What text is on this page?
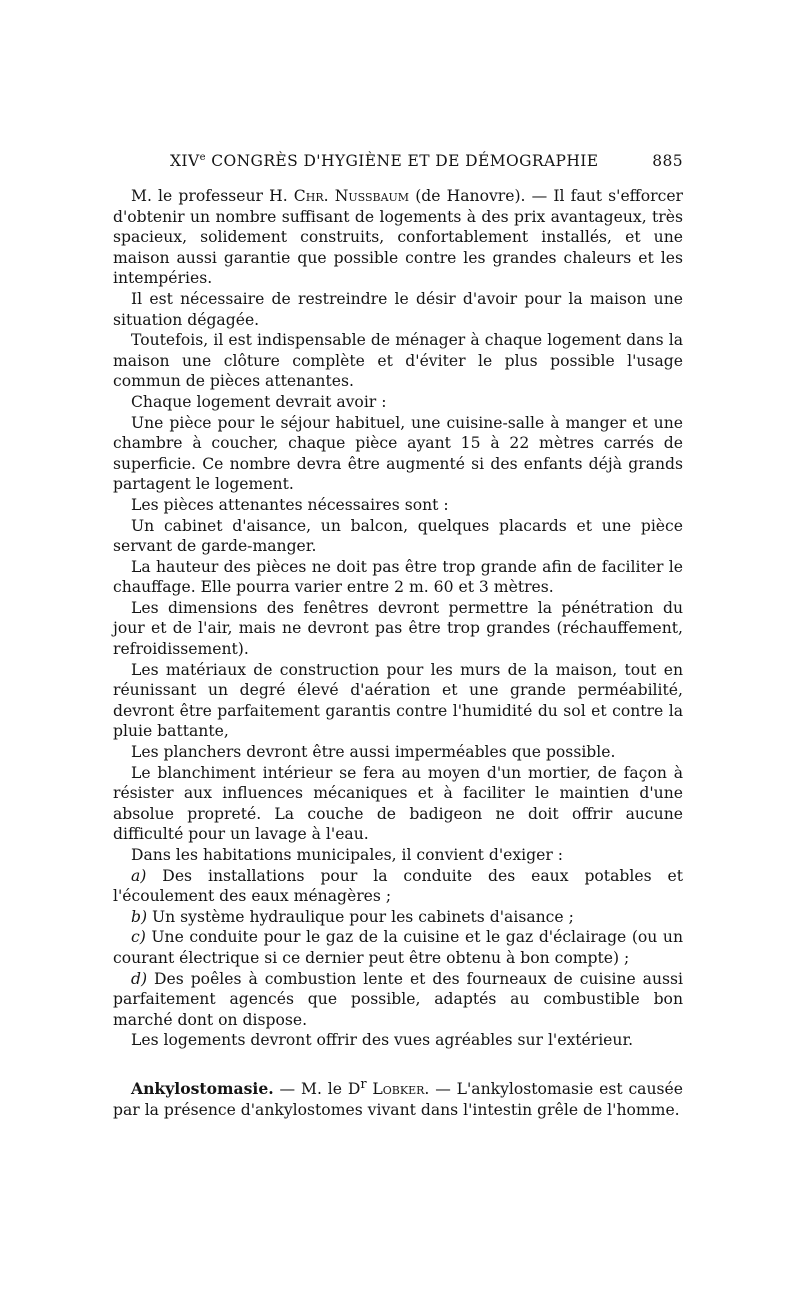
XIVe CONGRÈS D'HYGIÈNE ET DE DÉMOGRAPHIE	885

M. le professeur H. Chr. Nussbaum (de Hanovre). — Il faut s'efforcer d'obtenir un nombre suffisant de logements à des prix avantageux, très spacieux, solidement construits, confortablement installés, et une maison aussi garantie que possible contre les grandes chaleurs et les intempéries.

Il est nécessaire de restreindre le désir d'avoir pour la maison une situation dégagée.

Toutefois, il est indispensable de ménager à chaque logement dans la maison une clôture complète et d'éviter le plus possible l'usage commun de pièces attenantes.

Chaque logement devrait avoir :

Une pièce pour le séjour habituel, une cuisine-salle à manger et une chambre à coucher, chaque pièce ayant 15 à 22 mètres carrés de superficie. Ce nombre devra être augmenté si des enfants déjà grands partagent le logement.

Les pièces attenantes nécessaires sont :

Un cabinet d'aisance, un balcon, quelques placards et une pièce servant de garde-manger.

La hauteur des pièces ne doit pas être trop grande afin de faciliter le chauffage. Elle pourra varier entre 2 m. 60 et 3 mètres.

Les dimensions des fenêtres devront permettre la pénétration du jour et de l'air, mais ne devront pas être trop grandes (réchauffement, refroidissement).

Les matériaux de construction pour les murs de la maison, tout en réunissant un degré élevé d'aération et une grande perméabilité, devront être parfaitement garantis contre l'humidité du sol et contre la pluie battante,

Les planchers devront être aussi imperméables que possible.

Le blanchiment intérieur se fera au moyen d'un mortier, de façon à résister aux influences mécaniques et à faciliter le maintien d'une absolue propreté. La couche de badigeon ne doit offrir aucune difficulté pour un lavage à l'eau.

Dans les habitations municipales, il convient d'exiger :

a) Des installations pour la conduite des eaux potables et l'écoulement des eaux ménagères ;

b) Un système hydraulique pour les cabinets d'aisance ;

c) Une conduite pour le gaz de la cuisine et le gaz d'éclairage (ou un courant électrique si ce dernier peut être obtenu à bon compte) ;

d) Des poêles à combustion lente et des fourneaux de cuisine aussi parfaitement agencés que possible, adaptés au combustible bon marché dont on dispose.

Les logements devront offrir des vues agréables sur l'extérieur.

Ankylostomasie. — M. le $D^r$ Lobker. — L'ankylostomasie est causée par la présence d'ankylostomes vivant dans l'intestin grêle de l'homme.
